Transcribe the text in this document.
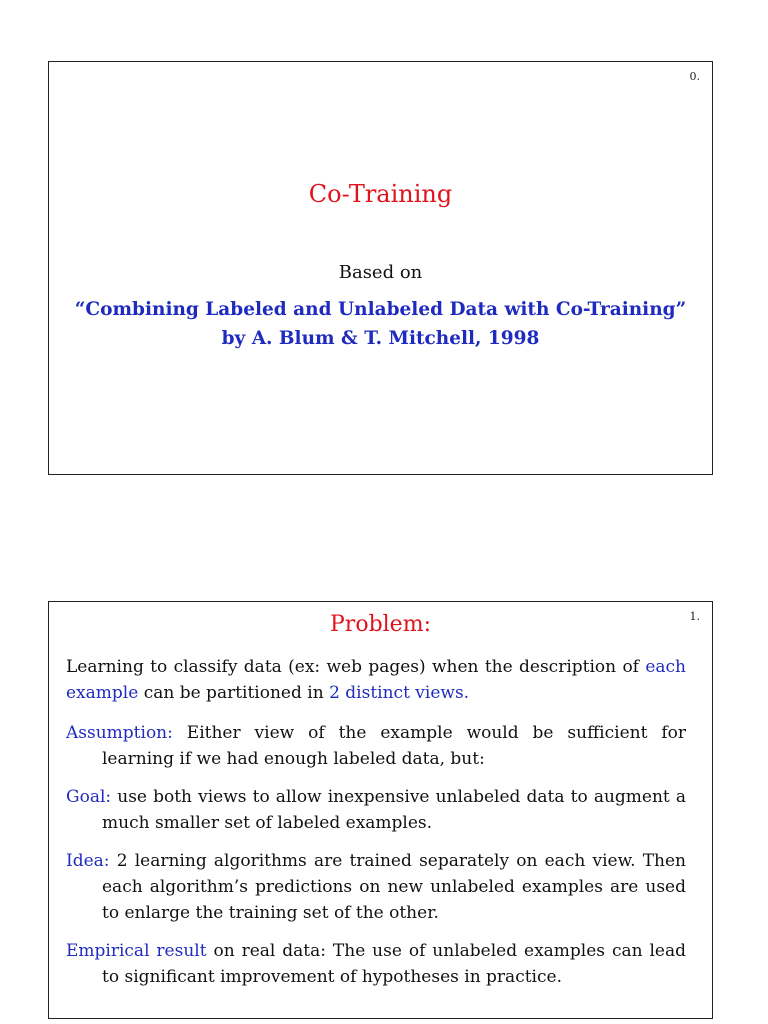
0.
Co-Training
Based on
“Combining Labeled and Unlabeled Data with Co-Training”
by A. Blum & T. Mitchell, 1998
1.
Problem:
Learning to classify data (ex: web pages) when the description of each example can be partitioned in 2 distinct views.
Assumption: Either view of the example would be sufficient for learning if we had enough labeled data, but:
Goal: use both views to allow inexpensive unlabeled data to augment a much smaller set of labeled examples.
Idea: 2 learning algorithms are trained separately on each view. Then each algorithm’s predictions on new unlabeled examples are used to enlarge the training set of the other.
Empirical result on real data: The use of unlabeled examples can lead to significant improvement of hypotheses in practice.
